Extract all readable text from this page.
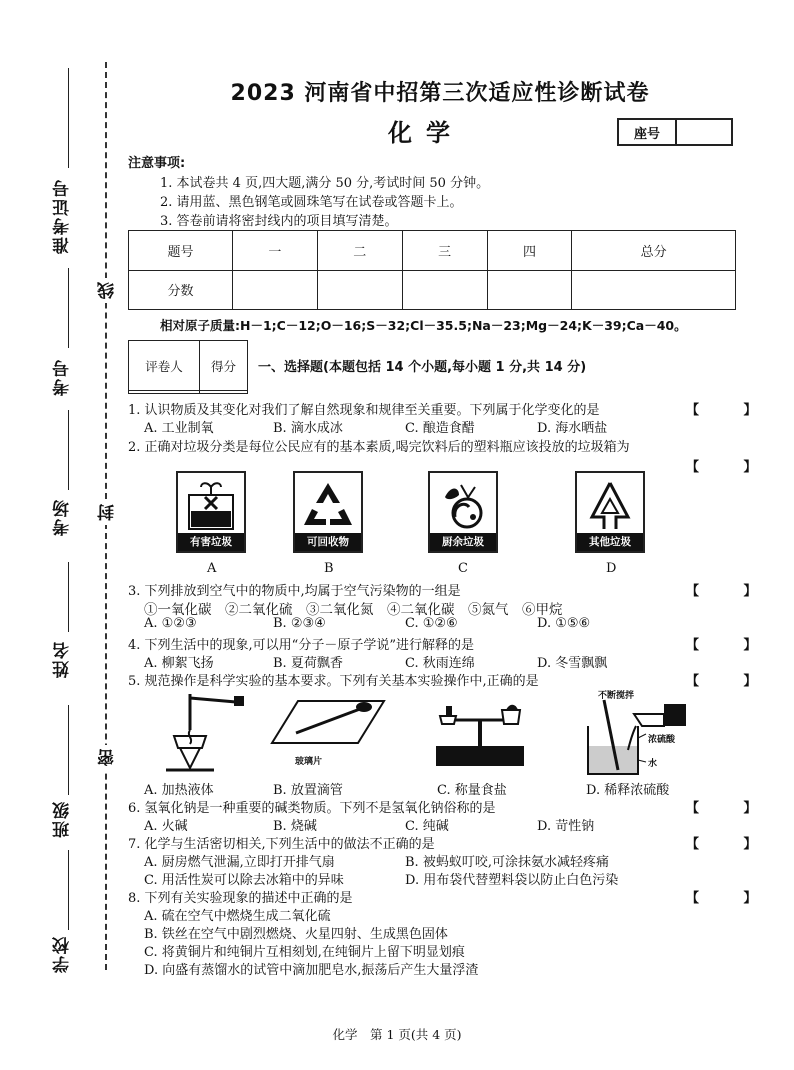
准考证号
考号
考场
姓名
班级
学校
线
封
密
2023 河南省中招第三次适应性诊断试卷
化学	座号
注意事项:
1. 本试卷共 4 页,四大题,满分 50 分,考试时间 50 分钟。
2. 请用蓝、黑色钢笔或圆珠笔写在试卷或答题卡上。
3. 答卷前请将密封线内的项目填写清楚。
题号	一	二	三	四	总分
分数					
相对原子质量:H－1;C－12;O－16;S－32;Cl－35.5;Na－23;Mg－24;K－39;Ca－40。
评卷人	得分
	一、选择题(本题包括 14 个小题,每小题 1 分,共 14 分)
1. 认识物质及其变化对我们了解自然现象和规律至关重要。下列属于化学变化的是	【 】
A. 工业制氧	B. 滴水成冰	C. 酿造食醋	D. 海水晒盐
2. 正确对垃圾分类是每位公民应有的基本素质,喝完饮料后的塑料瓶应该投放的垃圾箱为
【 】
有害垃圾	可回收物	厨余垃圾	其他垃圾
A	B	C	D
3. 下列排放到空气中的物质中,均属于空气污染物的一组是	【 】
①一氧化碳　②二氧化硫　③二氧化氮　④二氧化碳　⑤氮气　⑥甲烷
A. ①②③	B. ②③④	C. ①②⑥	D. ①⑤⑥
4. 下列生活中的现象,可以用“分子－原子学说”进行解释的是	【 】
A. 柳絮飞扬	B. 夏荷飘香	C. 秋雨连绵	D. 冬雪飘飘
5. 规范操作是科学实验的基本要求。下列有关基本实验操作中,正确的是	【 】
玻璃片
不断搅拌
浓硫酸
水
A. 加热液体	B. 放置滴管	C. 称量食盐	D. 稀释浓硫酸
6. 氢氧化钠是一种重要的碱类物质。下列不是氢氧化钠俗称的是	【 】
A. 火碱	B. 烧碱	C. 纯碱	D. 苛性钠
7. 化学与生活密切相关,下列生活中的做法不正确的是	【 】
A. 厨房燃气泄漏,立即打开排气扇	B. 被蚂蚁叮咬,可涂抹氨水减轻疼痛
C. 用活性炭可以除去冰箱中的异味	D. 用布袋代替塑料袋以防止白色污染
8. 下列有关实验现象的描述中正确的是	【 】
A. 硫在空气中燃烧生成二氧化硫
B. 铁丝在空气中剧烈燃烧、火星四射、生成黑色固体
C. 将黄铜片和纯铜片互相刻划,在纯铜片上留下明显划痕
D. 向盛有蒸馏水的试管中滴加肥皂水,振荡后产生大量浮渣
化学　第 1 页(共 4 页)
